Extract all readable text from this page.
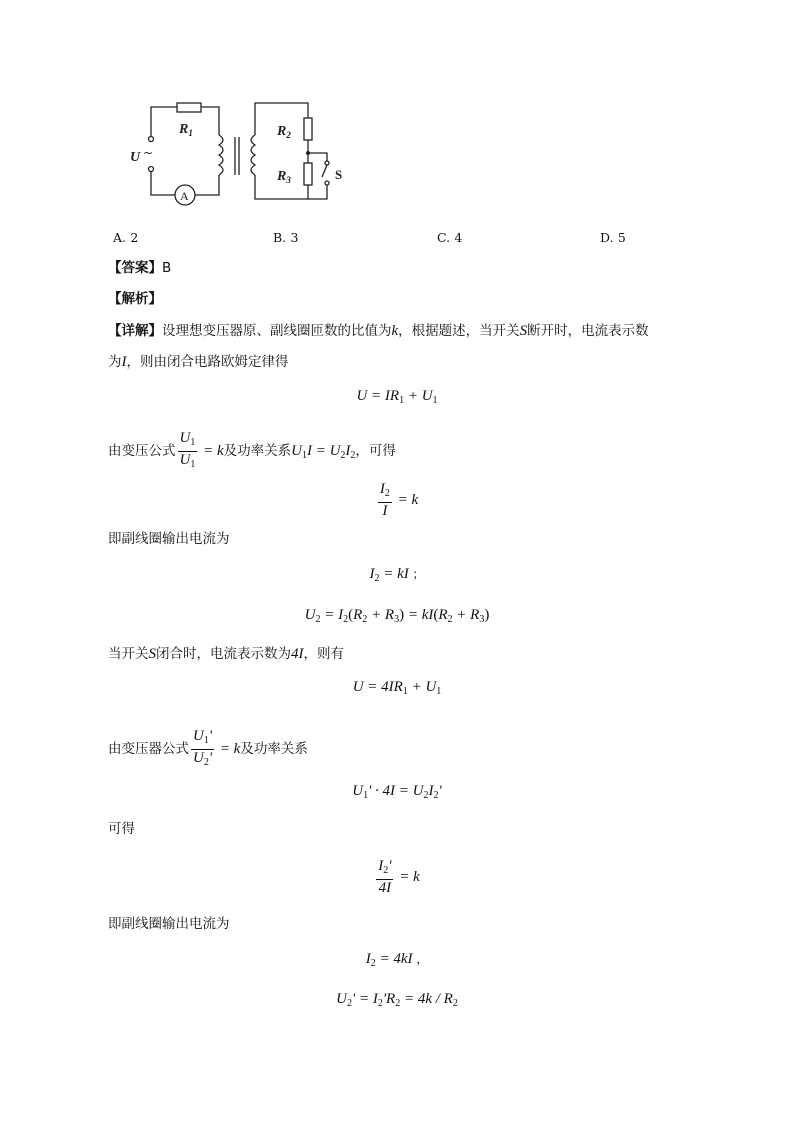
$R_1$	$R_2$
$R_3$
U ~
A
S
A. 2	B. 3	C. 4	D. 5
【答案】B
【解析】
【详解】设理想变压器原、副线圈匝数的比值为k，根据题述，当开关S断开时，电流表示数
为I，则由闭合电路欧姆定律得
$U = IR_1 + U_1$
由变压公式 $\frac{U_1}{U_1} = k$及功率关系$U_1I = U_2I_2$，可得
$\frac{I_2}{I} = k$
即副线圈输出电流为
$I_2$ = kI ；
$U_2 = I_2(R_2 + R_3) = kI(R_2 + R_3)$
当开关S闭合时，电流表示数为4I，则有
$U = 4IR_1 + U_1$
由变压器公式 $\frac{U_1'}{U_2'} = k$及功率关系
$U_1' \cdot 4I = U_2I_2'$
可得
$\frac{I_2'}{4I} = k$
即副线圈输出电流为
$I_2 = 4kI$ ，
$U_2' = I_2'R_2 = 4k / R_2$
